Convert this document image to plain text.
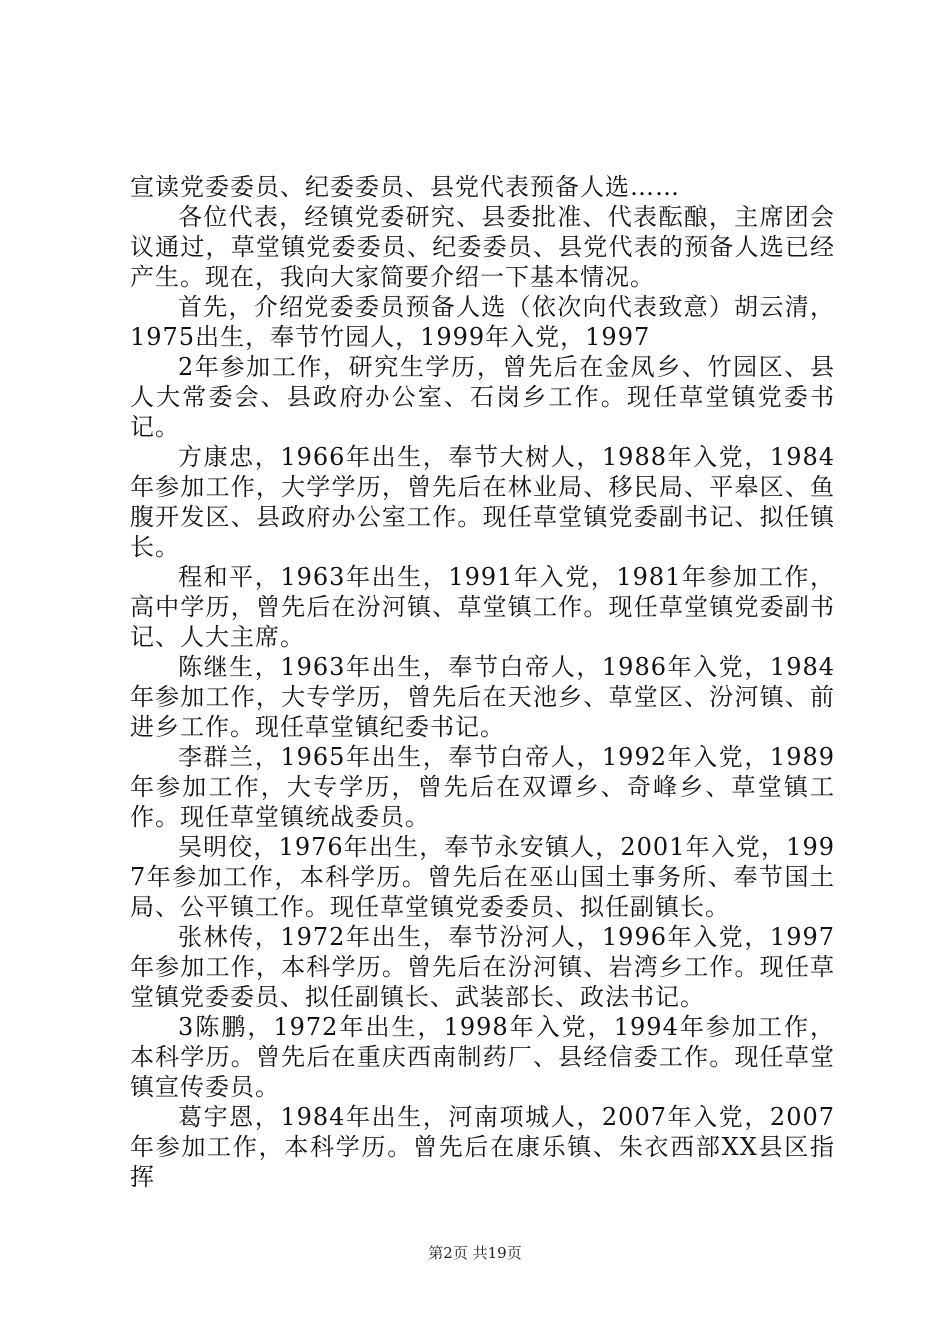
宣读党委委员、纪委委员、县党代表预备人选……

各位代表，经镇党委研究、县委批准、代表酝酿，主席团会议通过，草堂镇党委委员、纪委委员、县党代表的预备人选已经产生。现在，我向大家简要介绍一下基本情况。

首先，介绍党委委员预备人选（依次向代表致意）胡云清，1975出生，奉节竹园人，1999年入党，1997

2年参加工作，研究生学历，曾先后在金凤乡、竹园区、县人大常委会、县政府办公室、石岗乡工作。现任草堂镇党委书记。

方康忠，1966年出生，奉节大树人，1988年入党，1984年参加工作，大学学历，曾先后在林业局、移民局、平皋区、鱼腹开发区、县政府办公室工作。现任草堂镇党委副书记、拟任镇长。

程和平，1963年出生，1991年入党，1981年参加工作，高中学历，曾先后在汾河镇、草堂镇工作。现任草堂镇党委副书记、人大主席。

陈继生，1963年出生，奉节白帝人，1986年入党，1984年参加工作，大专学历，曾先后在天池乡、草堂区、汾河镇、前进乡工作。现任草堂镇纪委书记。

李群兰，1965年出生，奉节白帝人，1992年入党，1989年参加工作，大专学历，曾先后在双谭乡、奇峰乡、草堂镇工作。现任草堂镇统战委员。

吴明佼，1976年出生，奉节永安镇人，2001年入党，1997年参加工作，本科学历。曾先后在巫山国土事务所、奉节国土局、公平镇工作。现任草堂镇党委委员、拟任副镇长。

张林传，1972年出生，奉节汾河人，1996年入党，1997年参加工作，本科学历。曾先后在汾河镇、岩湾乡工作。现任草堂镇党委委员、拟任副镇长、武装部长、政法书记。

3陈鹏，1972年出生，1998年入党，1994年参加工作，本科学历。曾先后在重庆西南制药厂、县经信委工作。现任草堂镇宣传委员。

葛宇恩，1984年出生，河南项城人，2007年入党，2007年参加工作，本科学历。曾先后在康乐镇、朱衣西部XX县区指挥

第2页 共19页
